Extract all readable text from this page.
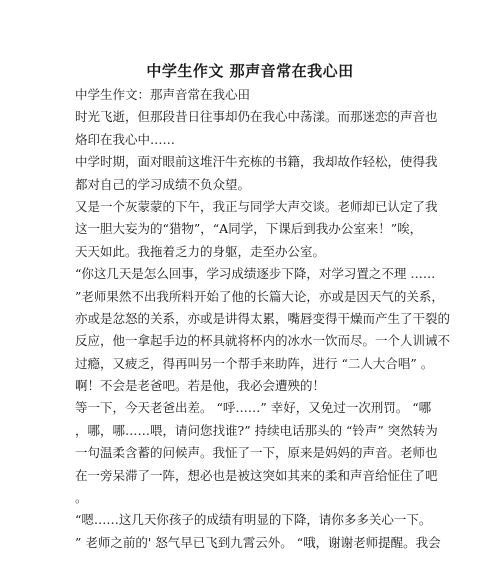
中学生作文 那声音常在我心田
中学生作文：那声音常在我心田
时光飞逝，但那段昔日往事却仍在我心中荡漾。而那迷恋的声音也
烙印在我心中……
中学时期，面对眼前这堆汗牛充栋的书籍，我却故作轻松，使得我
都对自己的学习成绩不负众望。
又是一个灰蒙蒙的下午，我正与同学大声交谈。老师却已认定了我
这一胆大妄为的“猎物”，“A同学，下课后到我办公室来！”唉，
天天如此。我拖着乏力的身躯，走至办公室。
“你这几天是怎么回事，学习成绩逐步下降，对学习置之不理 ……
”老师果然不出我所料开始了他的长篇大论，亦或是因天气的关系，
亦或是忿怒的关系，亦或是讲得太累，嘴唇变得干燥而产生了干裂的
反应，他一拿起手边的杯具就将杯内的冰水一饮而尽。一个人训诫不
过瘾，又疲乏，得再叫另一个帮手来助阵，进行 “二人大合唱” 。
啊！不会是老爸吧。若是他，我必会遭殃的！
等一下，今天老爸出差。 “呼……” 幸好，又免过一次刑罚。 “哪
，哪，哪……喂，请问您找谁?” 持续电话那头的 “铃声” 突然转为
一句温柔含蓄的问候声。我怔了一下，原来是妈妈的声音。老师也
在一旁呆滞了一阵，想必也是被这突如其来的柔和声音给怔住了吧
。
“嗯……这几天你孩子的成绩有明显的下降，请你多多关心一下。
” 老师之前的' 怒气早已飞到九霄云外。 “哦，谢谢老师提醒。我会
